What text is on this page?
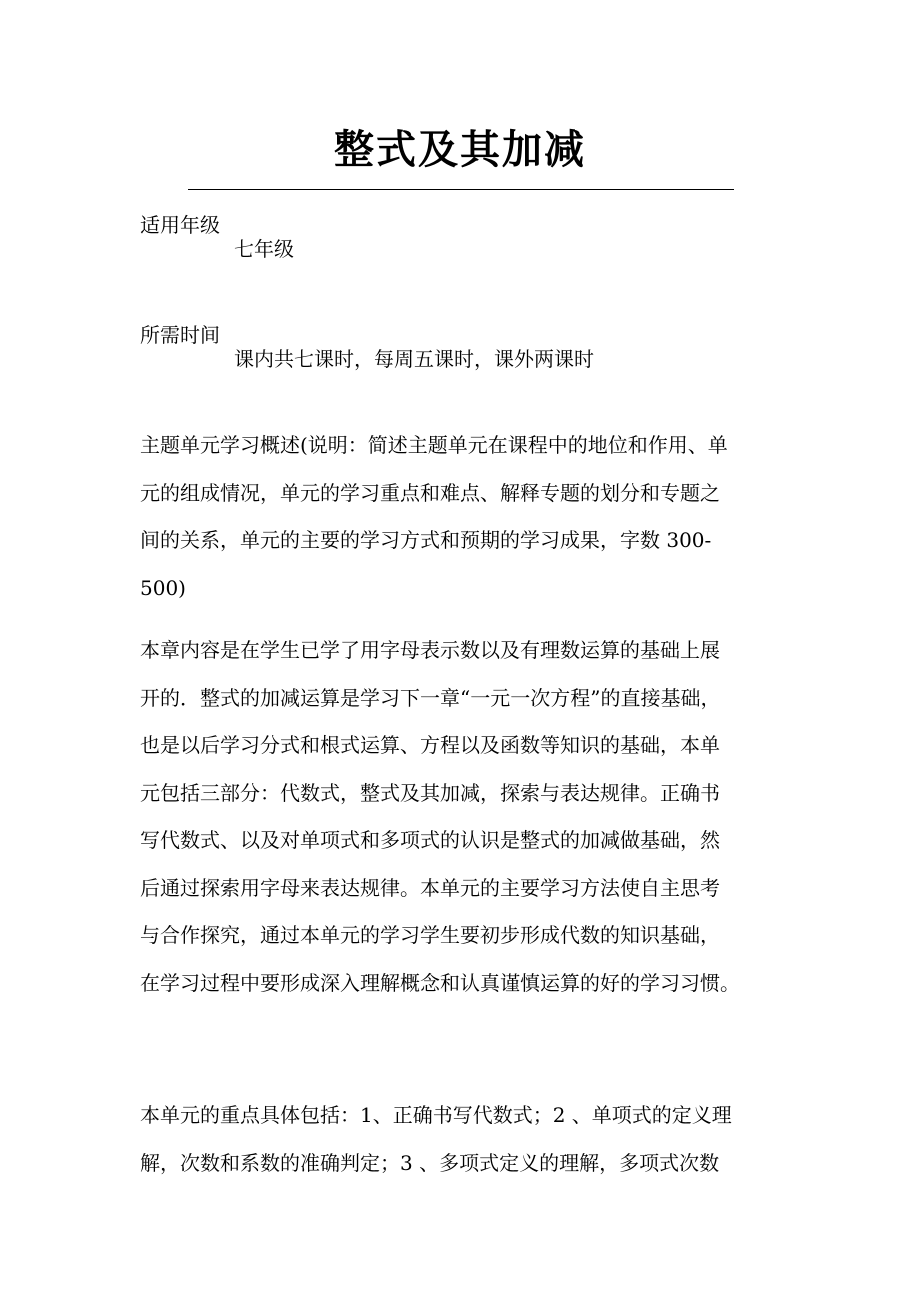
整式及其加减
适用年级
七年级
所需时间
课内共七课时，每周五课时，课外两课时
主题单元学习概述(说明：简述主题单元在课程中的地位和作用、单
元的组成情况，单元的学习重点和难点、解释专题的划分和专题之
间的关系，单元的主要的学习方式和预期的学习成果，字数 300-
500)
本章内容是在学生已学了用字母表示数以及有理数运算的基础上展
开的．整式的加减运算是学习下一章“一元一次方程”的直接基础，
也是以后学习分式和根式运算、方程以及函数等知识的基础，本单
元包括三部分：代数式，整式及其加减，探索与表达规律。正确书
写代数式、以及对单项式和多项式的认识是整式的加减做基础，然
后通过探索用字母来表达规律。本单元的主要学习方法使自主思考
与合作探究，通过本单元的学习学生要初步形成代数的知识基础，
在学习过程中要形成深入理解概念和认真谨慎运算的好的学习习惯。
本单元的重点具体包括：1、正确书写代数式；2 、单项式的定义理
解，次数和系数的准确判定；3 、多项式定义的理解，多项式次数
